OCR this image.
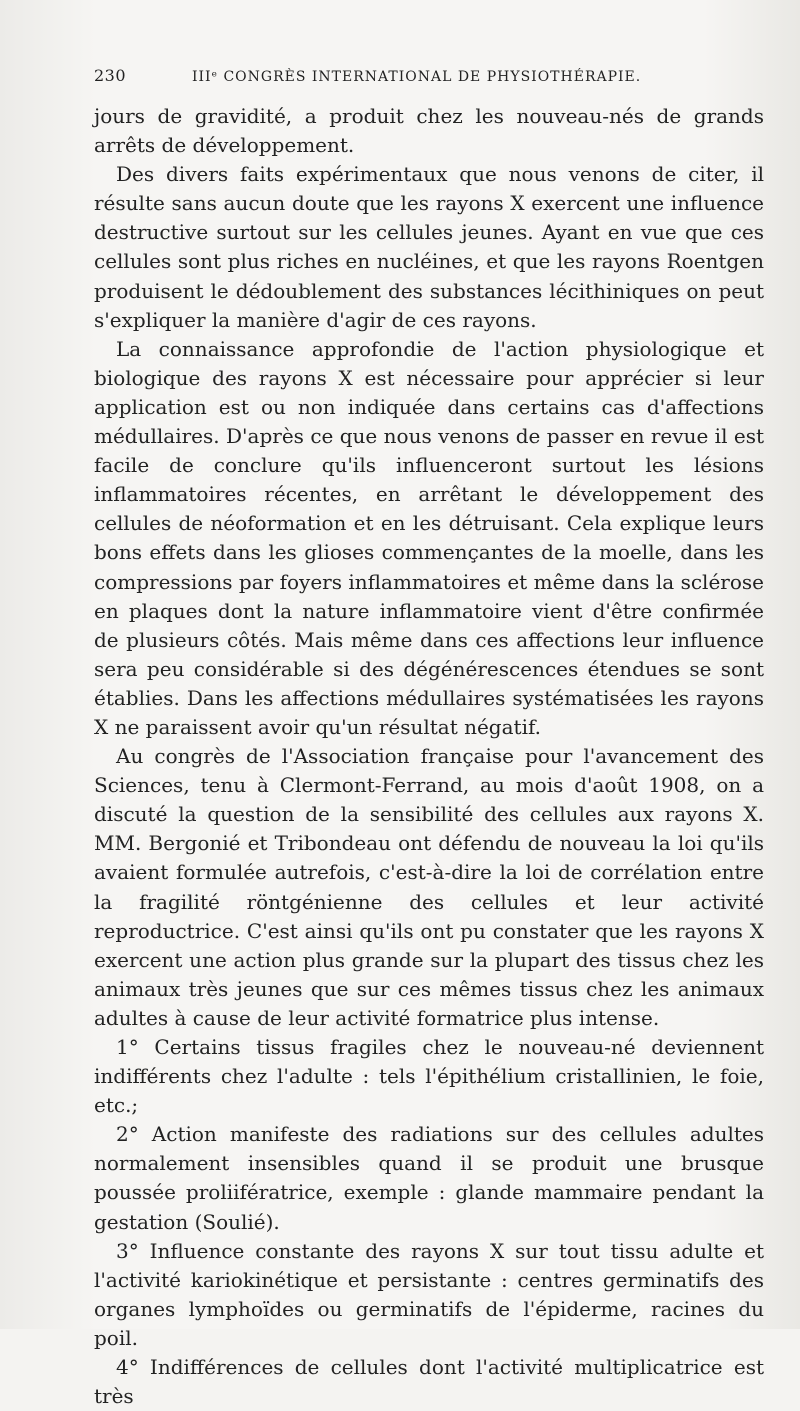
230	IIIᵉ CONGRÈS INTERNATIONAL DE PHYSIOTHÉRAPIE.

jours de gravidité, a produit chez les nouveau-nés de grands arrêts de développement.

Des divers faits expérimentaux que nous venons de citer, il résulte sans aucun doute que les rayons X exercent une influence destructive surtout sur les cellules jeunes. Ayant en vue que ces cellules sont plus riches en nucléines, et que les rayons Roentgen produisent le dédoublement des substances lécithiniques on peut s'expliquer la manière d'agir de ces rayons.

La connaissance approfondie de l'action physiologique et biologique des rayons X est nécessaire pour apprécier si leur application est ou non indiquée dans certains cas d'affections médullaires. D'après ce que nous venons de passer en revue il est facile de conclure qu'ils influenceront surtout les lésions inflammatoires récentes, en arrêtant le développement des cellules de néoformation et en les détruisant. Cela explique leurs bons effets dans les glioses commençantes de la moelle, dans les compressions par foyers inflammatoires et même dans la sclérose en plaques dont la nature inflammatoire vient d'être confirmée de plusieurs côtés. Mais même dans ces affections leur influence sera peu considérable si des dégénérescences étendues se sont établies. Dans les affections médullaires systématisées les rayons X ne paraissent avoir qu'un résultat négatif.

Au congrès de l'Association française pour l'avancement des Sciences, tenu à Clermont-Ferrand, au mois d'août 1908, on a discuté la question de la sensibilité des cellules aux rayons X. MM. Bergonié et Tribondeau ont défendu de nouveau la loi qu'ils avaient formulée autrefois, c'est-à-dire la loi de corrélation entre la fragilité röntgénienne des cellules et leur activité reproductrice. C'est ainsi qu'ils ont pu constater que les rayons X exercent une action plus grande sur la plupart des tissus chez les animaux très jeunes que sur ces mêmes tissus chez les animaux adultes à cause de leur activité formatrice plus intense.

1° Certains tissus fragiles chez le nouveau-né deviennent indifférents chez l'adulte : tels l'épithélium cristallinien, le foie, etc.;

2° Action manifeste des radiations sur des cellules adultes normalement insensibles quand il se produit une brusque poussée proliifératrice, exemple : glande mammaire pendant la gestation (Soulié).

3° Influence constante des rayons X sur tout tissu adulte et l'activité kariokinétique et persistante : centres germinatifs des organes lymphoïdes ou germinatifs de l'épiderme, racines du poil.

4° Indifférences de cellules dont l'activité multiplicatrice est très
